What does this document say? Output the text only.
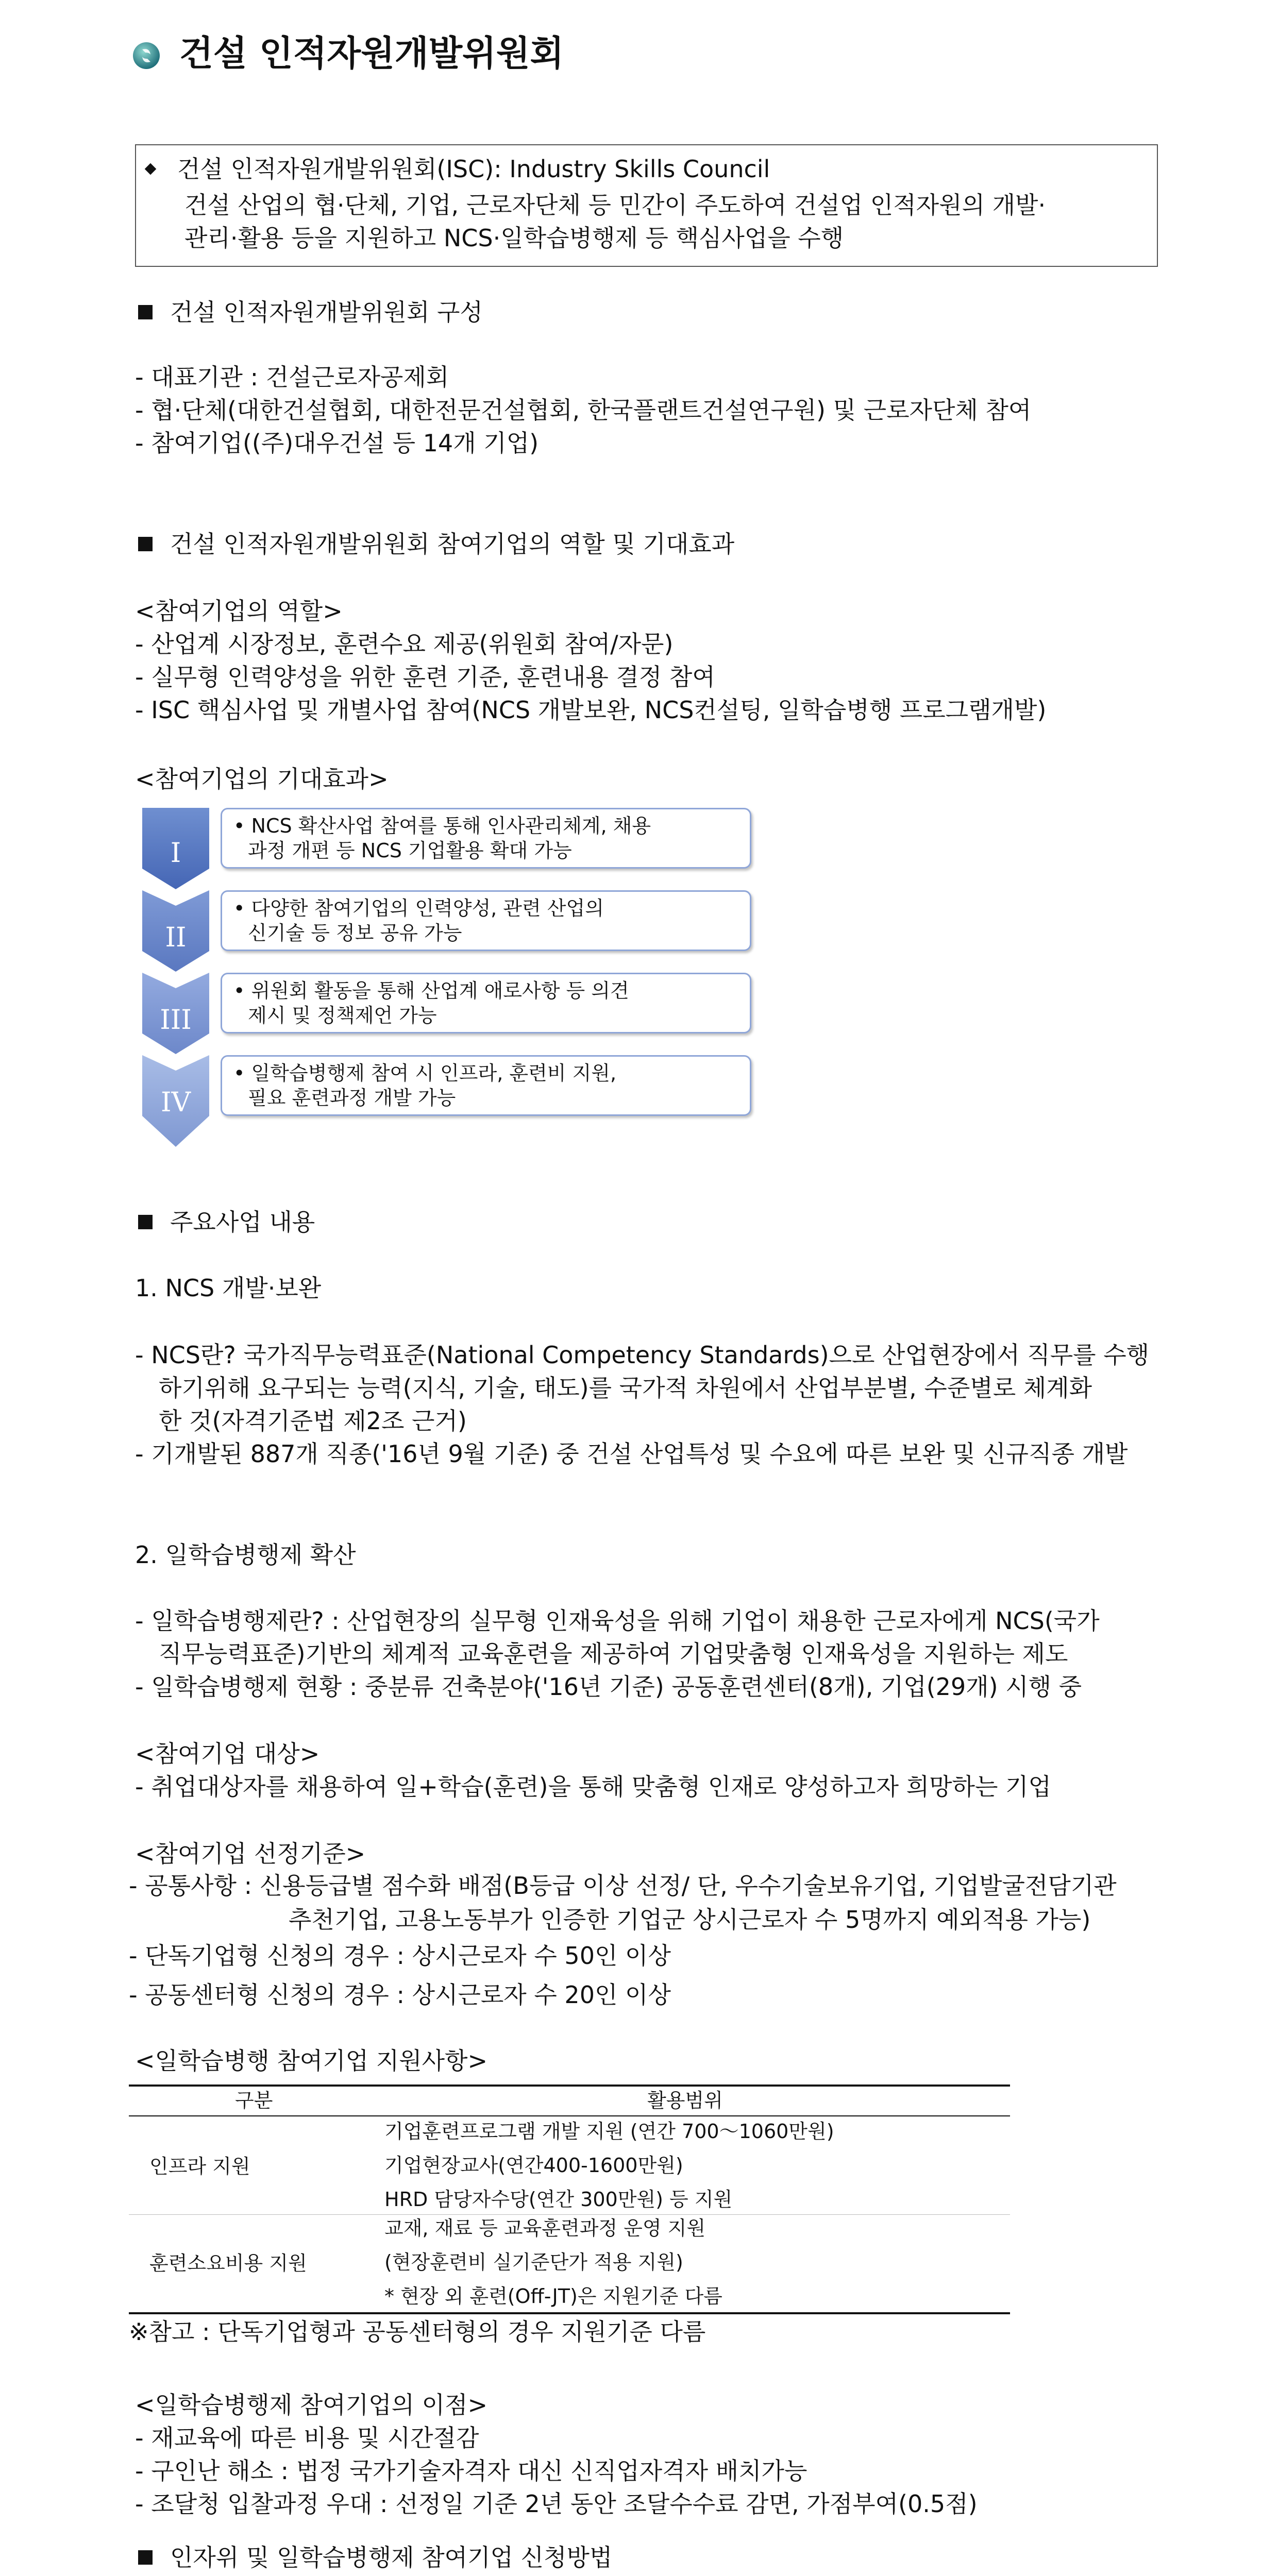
건설 인적자원개발위원회
건설 인적자원개발위원회(ISC): Industry Skills Council
건설 산업의 협·단체, 기업, 근로자단체 등 민간이 주도하여 건설업 인적자원의 개발·
관리·활용 등을 지원하고 NCS·일학습병행제 등 핵심사업을 수행
건설 인적자원개발위원회 구성
- 대표기관 : 건설근로자공제회
- 협·단체(대한건설협회, 대한전문건설협회, 한국플랜트건설연구원) 및 근로자단체 참여
- 참여기업((주)대우건설 등 14개 기업)
건설 인적자원개발위원회 참여기업의 역할 및 기대효과
<참여기업의 역할>
- 산업계 시장정보, 훈련수요 제공(위원회 참여/자문)
- 실무형 인력양성을 위한 훈련 기준, 훈련내용 결정 참여
- ISC 핵심사업 및 개별사업 참여(NCS 개발보완, NCS컨설팅, 일학습병행 프로그램개발)
<참여기업의 기대효과>
I
• NCS 확산사업 참여를 통해 인사관리체계, 채용
과정 개편 등 NCS 기업활용 확대 가능
II
• 다양한 참여기업의 인력양성, 관련 산업의
신기술 등 정보 공유 가능
III
• 위원회 활동을 통해 산업계 애로사항 등 의견
제시 및 정책제언 가능
IV
• 일학습병행제 참여 시 인프라, 훈련비 지원,
필요 훈련과정 개발 가능
주요사업 내용
1. NCS 개발·보완
- NCS란? 국가직무능력표준(National Competency Standards)으로 산업현장에서 직무를 수행
하기위해 요구되는 능력(지식, 기술, 태도)를 국가적 차원에서 산업부분별, 수준별로 체계화
한 것(자격기준법 제2조 근거)
- 기개발된 887개 직종('16년 9월 기준) 중 건설 산업특성 및 수요에 따른 보완 및 신규직종 개발
2. 일학습병행제 확산
- 일학습병행제란? : 산업현장의 실무형 인재육성을 위해 기업이 채용한 근로자에게 NCS(국가
직무능력표준)기반의 체계적 교육훈련을 제공하여 기업맞춤형 인재육성을 지원하는 제도
- 일학습병행제 현황 : 중분류 건축분야('16년 기준) 공동훈련센터(8개), 기업(29개) 시행 중
<참여기업 대상>
- 취업대상자를 채용하여 일+학습(훈련)을 통해 맞춤형 인재로 양성하고자 희망하는 기업
<참여기업 선정기준>
- 공통사항 : 신용등급별 점수화 배점(B등급 이상 선정/ 단, 우수기술보유기업, 기업발굴전담기관
추천기업, 고용노동부가 인증한 기업군 상시근로자 수 5명까지 예외적용 가능)
- 단독기업형 신청의 경우 : 상시근로자 수 50인 이상
- 공동센터형 신청의 경우 : 상시근로자 수 20인 이상
<일학습병행 참여기업 지원사항>
구분	활용범위
인프라 지원
기업훈련프로그램 개발 지원 (연간 700～1060만원)
기업현장교사(연간400-1600만원)
HRD 담당자수당(연간 300만원) 등 지원
훈련소요비용 지원
교재, 재료 등 교육훈련과정 운영 지원
(현장훈련비 실기준단가 적용 지원)
* 현장 외 훈련(Off-JT)은 지원기준 다름
※참고 : 단독기업형과 공동센터형의 경우 지원기준 다름
<일학습병행제 참여기업의 이점>
- 재교육에 따른 비용 및 시간절감
- 구인난 해소 : 법정 국가기술자격자 대신 신직업자격자 배치가능
- 조달청 입찰과정 우대 : 선정일 기준 2년 동안 조달수수료 감면, 가점부여(0.5점)
인자위 및 일학습병행제 참여기업 신청방법
